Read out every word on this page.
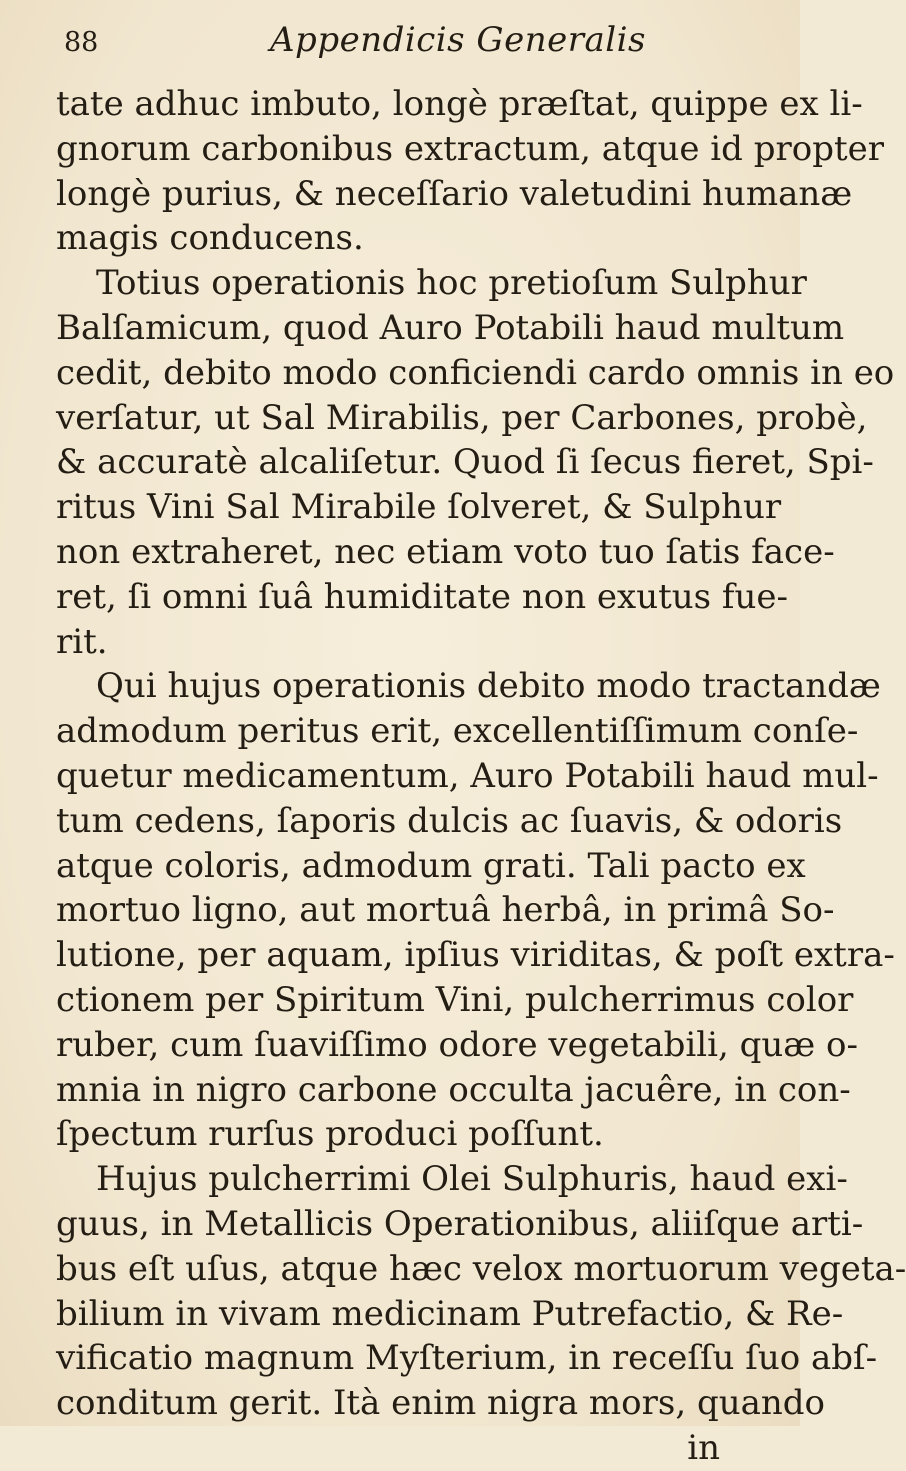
88	Appendicis Generalis
tate adhuc imbuto, longè præſtat, quippe ex li-
gnorum carbonibus extractum, atque id propter
longè purius, & neceſſario valetudini humanæ
magis conducens.
Totius operationis hoc pretioſum Sulphur
Balſamicum, quod Auro Potabili haud multum
cedit, debito modo conficiendi cardo omnis in eo
verſatur, ut Sal Mirabilis, per Carbones, probè,
& accuratè alcaliſetur. Quod ſi ſecus fieret, Spi-
ritus Vini Sal Mirabile ſolveret, & Sulphur
non extraheret, nec etiam voto tuo ſatis face-
ret, ſi omni ſuâ humiditate non exutus fue-
rit.
Qui hujus operationis debito modo tractandæ
admodum peritus erit, excellentiſſimum conſe-
quetur medicamentum, Auro Potabili haud mul-
tum cedens, ſaporis dulcis ac ſuavis, & odoris
atque coloris, admodum grati. Tali pacto ex
mortuo ligno, aut mortuâ herbâ, in primâ So-
lutione, per aquam, ipſius viriditas, & poſt extra-
ctionem per Spiritum Vini, pulcherrimus color
ruber, cum ſuaviſſimo odore vegetabili, quæ o-
mnia in nigro carbone occulta jacuêre, in con-
ſpectum rurſus produci poſſunt.
Hujus pulcherrimi Olei Sulphuris, haud exi-
guus, in Metallicis Operationibus, aliiſque arti-
bus eſt uſus, atque hæc velox mortuorum vegeta-
bilium in vivam medicinam Putrefactio, & Re-
vificatio magnum Myſterium, in receſſu ſuo abſ-
conditum gerit. Ità enim nigra mors, quando
in
